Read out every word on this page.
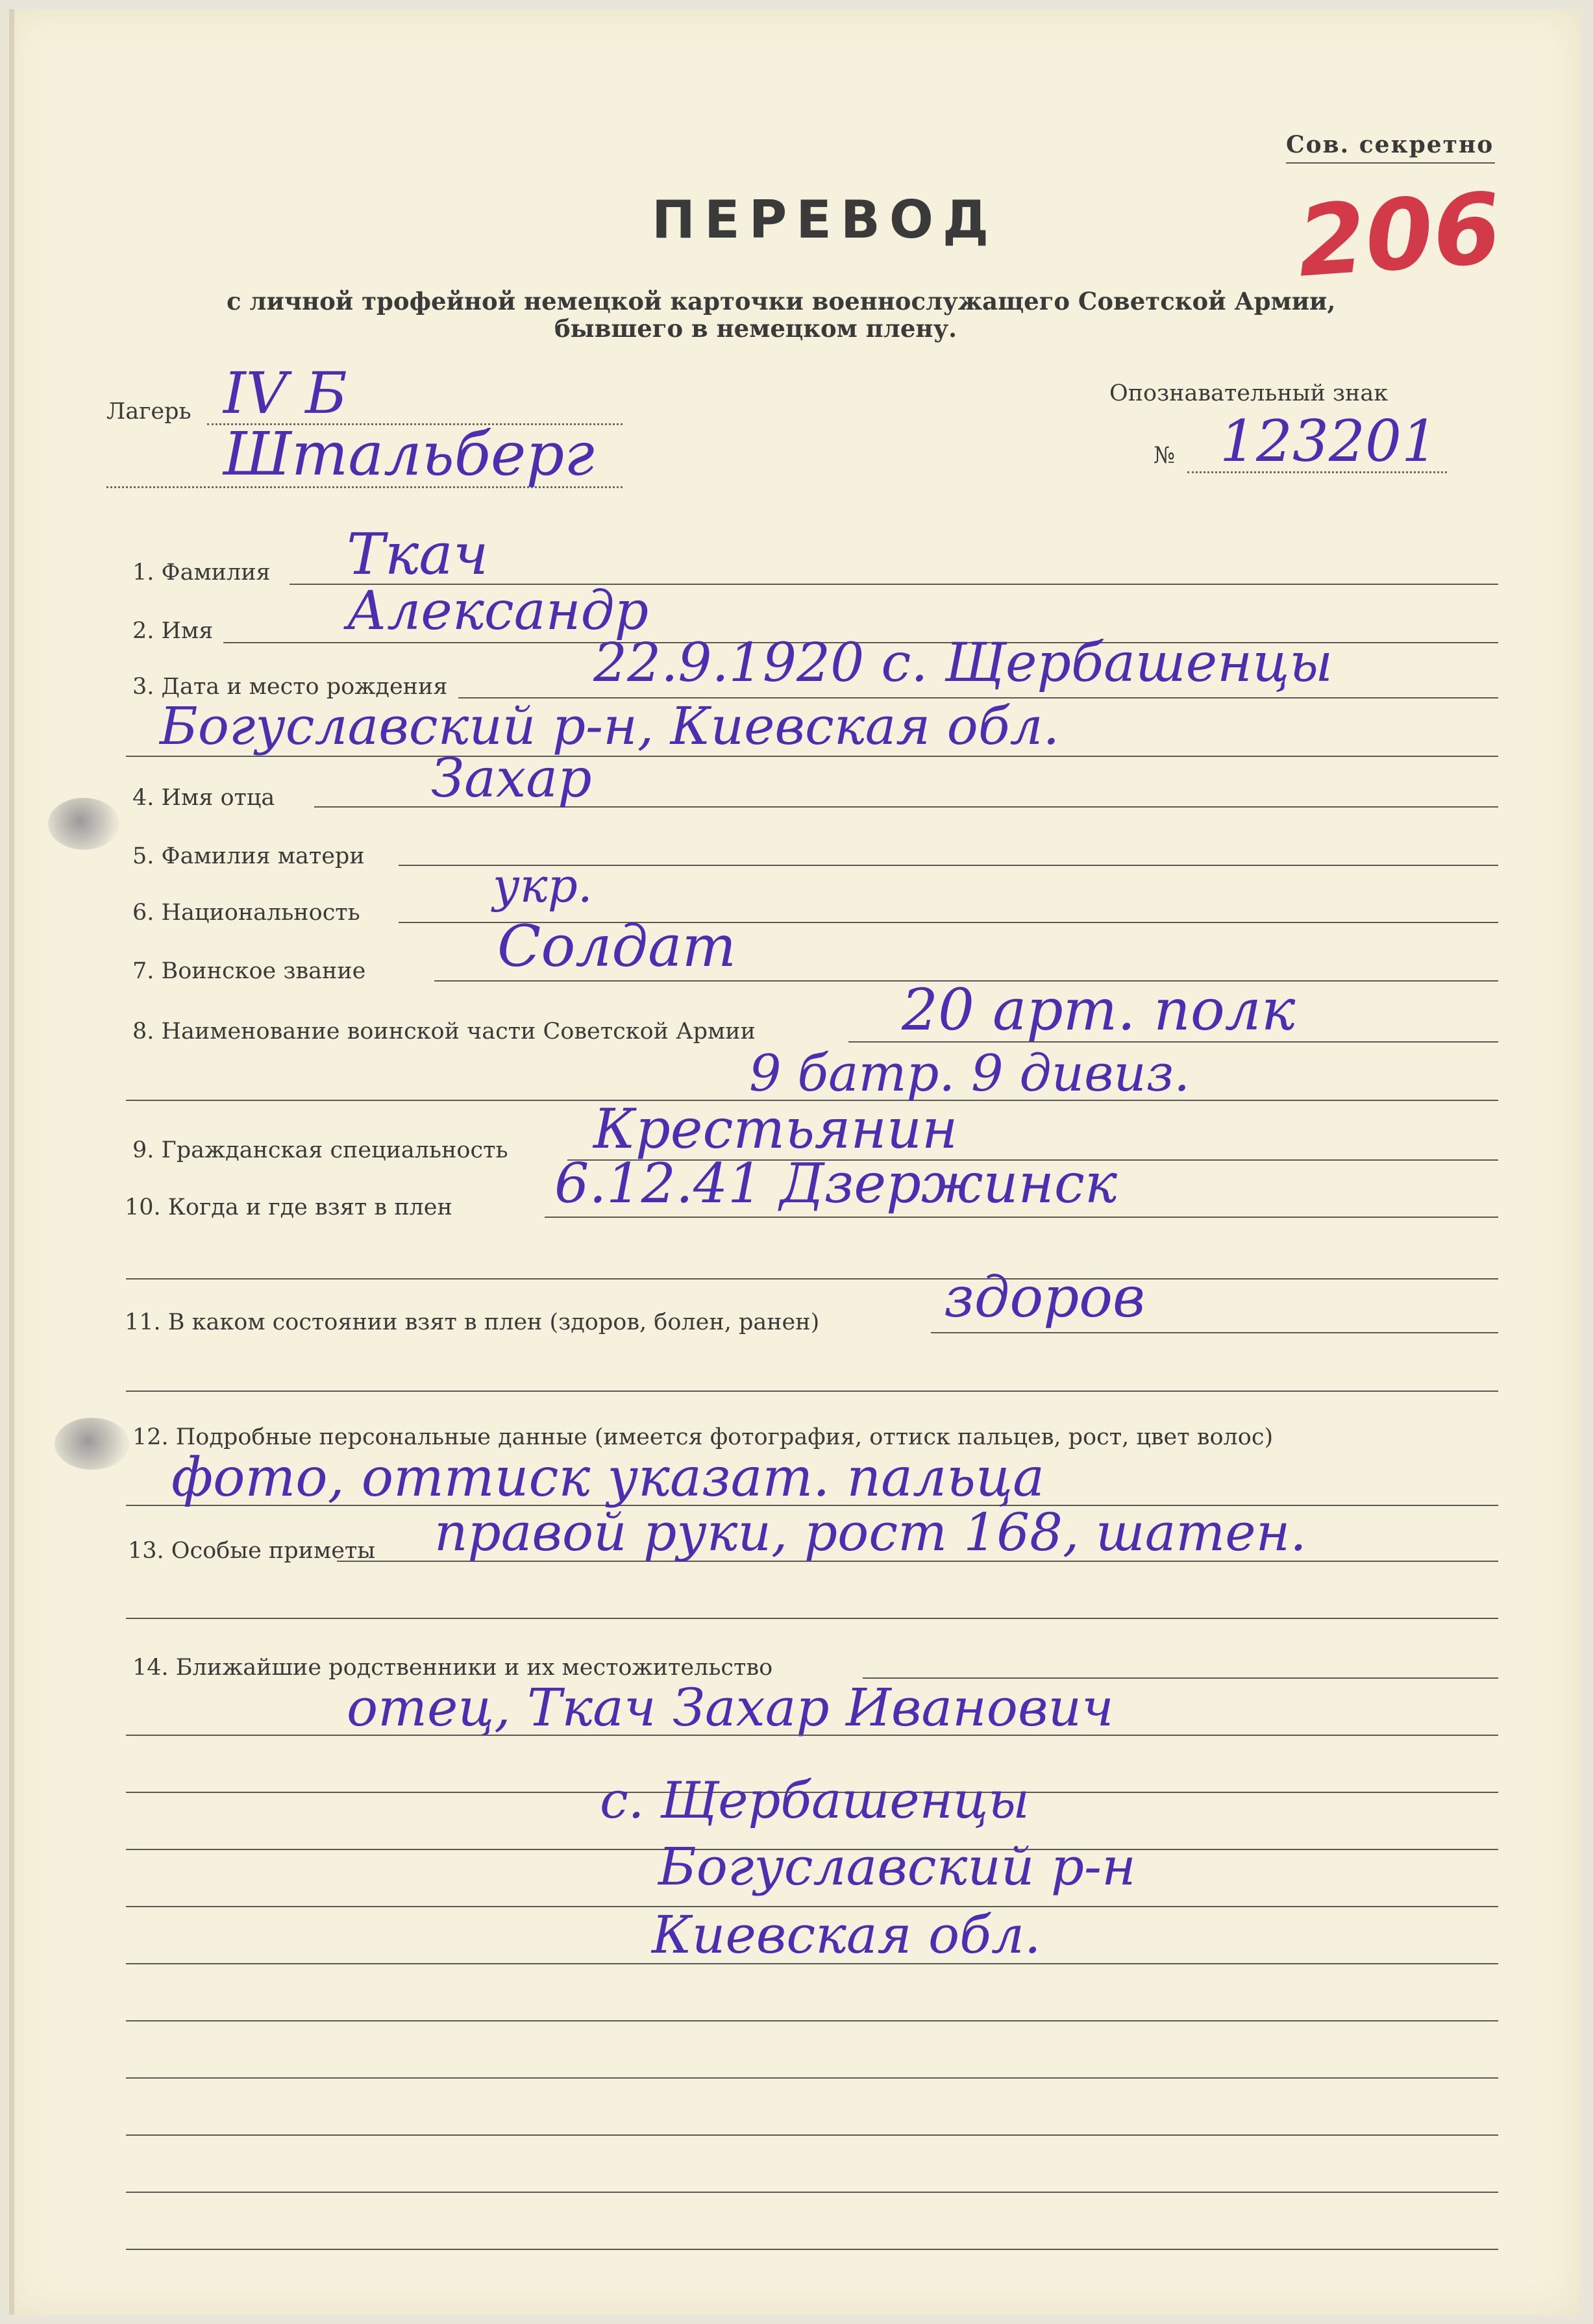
Сов. секретно
206
ПЕРЕВОД
с личной трофейной немецкой карточки военнослужащего Советской Армии,
бывшего в немецком плену.
Лагерь IV Б
Штальберг
Опознавательный знак
№ 123201
1. Фамилия Ткач
2. Имя	Александр
3. Дата и место рождения	22.9.1920 с. Щербашенцы
Богуславский р-н, Киевская обл.
4. Имя отца	Захар
5. Фамилия матери
6. Национальность	укр.
7. Воинское звание Солдат
8. Наименование воинской части Советской Армии	20 арт. полк
9 батр. 9 дивиз.
9. Гражданская специальность Крестьянин
10. Когда и где взят в плен 6.12.41 Дзержинск
11. В каком состоянии взят в плен (здоров, болен, ранен) здоров
12. Подробные персональные данные (имеется фотография, оттиск пальцев, рост, цвет волос)
фото, оттиск указат. пальца
13. Особые приметы правой руки, рост 168, шатен.
14. Ближайшие родственники и их местожительство
отец, Ткач Захар Иванович
с. Щербашенцы
Богуславский р-н
Киевская обл.
